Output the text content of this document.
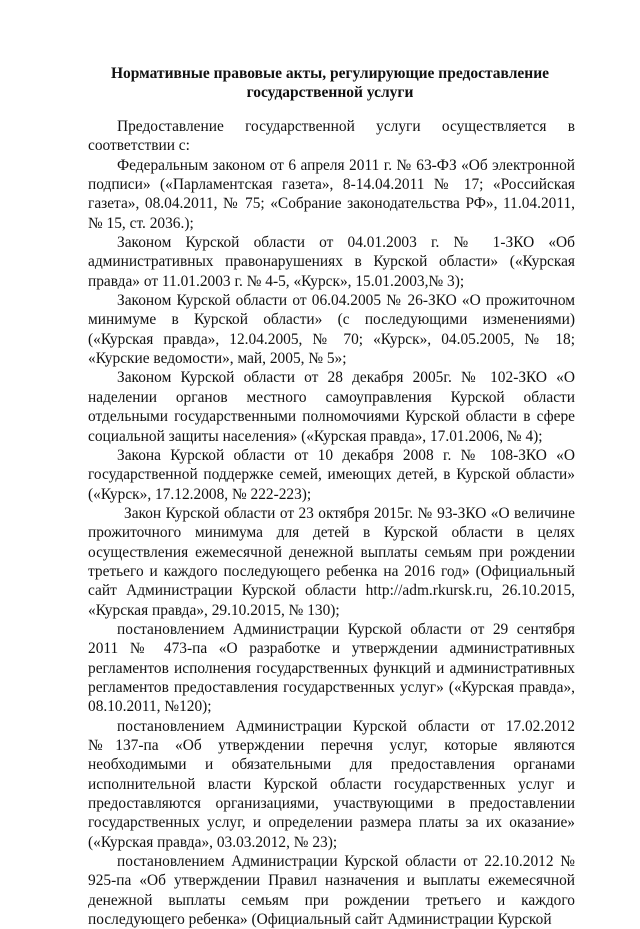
Нормативные правовые акты, регулирующие предоставление государственной услуги

Предоставление государственной услуги осуществляется в соответствии с:

Федеральным законом от 6 апреля 2011 г. № 63-ФЗ «Об электронной подписи» («Парламентская газета», 8-14.04.2011 № 17; «Российская газета», 08.04.2011, № 75; «Собрание законодательства РФ», 11.04.2011, № 15, ст. 2036.);

Законом Курской области от 04.01.2003 г. № 1-ЗКО «Об административных правонарушениях в Курской области» («Курская правда» от 11.01.2003 г. № 4-5, «Курск», 15.01.2003,№ 3);

Законом Курской области от 06.04.2005 № 26-ЗКО «О прожиточном минимуме в Курской области» (с последующими изменениями) («Курская правда», 12.04.2005, № 70; «Курск», 04.05.2005, № 18; «Курские ведомости», май, 2005, № 5»;

Законом Курской области от 28 декабря 2005г. № 102-ЗКО «О наделении органов местного самоуправления Курской области отдельными государственными полномочиями Курской области в сфере социальной защиты населения» («Курская правда», 17.01.2006, № 4);

Закона Курской области от 10 декабря 2008 г. № 108-ЗКО «О государственной поддержке семей, имеющих детей, в Курской области» («Курск», 17.12.2008, № 222-223);

Закон Курской области от 23 октября 2015г. № 93-ЗКО «О величине прожиточного минимума для детей в Курской области в целях осуществления ежемесячной денежной выплаты семьям при рождении третьего и каждого последующего ребенка на 2016 год» (Официальный сайт Администрации Курской области http://adm.rkursk.ru, 26.10.2015, «Курская правда», 29.10.2015, № 130);

постановлением Администрации Курской области от 29 сентября 2011 № 473-па «О разработке и утверждении административных регламентов исполнения государственных функций и административных регламентов предоставления государственных услуг» («Курская правда», 08.10.2011, №120);

постановлением Администрации Курской области от 17.02.2012 №137-па «Об утверждении перечня услуг, которые являются необходимыми и обязательными для предоставления органами исполнительной власти Курской области государственных услуг и предоставляются организациями, участвующими в предоставлении государственных услуг, и определении размера платы за их оказание» («Курская правда», 03.03.2012, № 23);

постановлением Администрации Курской области от 22.10.2012 № 925-па «Об утверждении Правил назначения и выплаты ежемесячной денежной выплаты семьям при рождении третьего и каждого последующего ребенка» (Официальный сайт Администрации Курской
